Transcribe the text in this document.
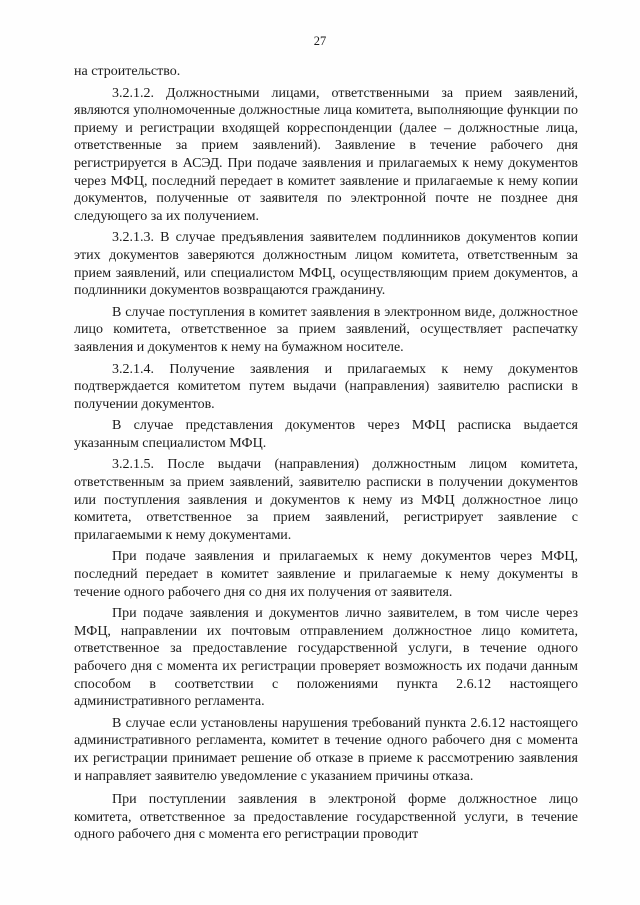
27

на строительство.

3.2.1.2. Должностными лицами, ответственными за прием заявлений, являются уполномоченные должностные лица комитета, выполняющие функции по приему и регистрации входящей корреспонденции (далее – должностные лица, ответственные за прием заявлений). Заявление в течение рабочего дня регистрируется в АСЭД. При подаче заявления и прилагаемых к нему документов через МФЦ, последний передает в комитет заявление и прилагаемые к нему копии документов, полученные от заявителя по электронной почте не позднее дня следующего за их получением.

3.2.1.3. В случае предъявления заявителем подлинников документов копии этих документов заверяются должностным лицом комитета, ответственным за прием заявлений, или специалистом МФЦ, осуществляющим прием документов, а подлинники документов возвращаются гражданину.

В случае поступления в комитет заявления в электронном виде, должностное лицо комитета, ответственное за прием заявлений, осуществляет распечатку заявления и документов к нему на бумажном носителе.

3.2.1.4. Получение заявления и прилагаемых к нему документов подтверждается комитетом путем выдачи (направления) заявителю расписки в получении документов.

В случае представления документов через МФЦ расписка выдается указанным специалистом МФЦ.

3.2.1.5. После выдачи (направления) должностным лицом комитета, ответственным за прием заявлений, заявителю расписки в получении документов или поступления заявления и документов к нему из МФЦ должностное лицо комитета, ответственное за прием заявлений, регистрирует заявление с прилагаемыми к нему документами.

При подаче заявления и прилагаемых к нему документов через МФЦ, последний передает в комитет заявление и прилагаемые к нему документы в течение одного рабочего дня со дня их получения от заявителя.

При подаче заявления и документов лично заявителем, в том числе через МФЦ, направлении их почтовым отправлением должностное лицо комитета, ответственное за предоставление государственной услуги, в течение одного рабочего дня с момента их регистрации проверяет возможность их подачи данным способом в соответствии с положениями пункта 2.6.12 настоящего административного регламента.

В случае если установлены нарушения требований пункта 2.6.12 настоящего административного регламента, комитет в течение одного рабочего дня с момента их регистрации принимает решение об отказе в приеме к рассмотрению заявления и направляет заявителю уведомление с указанием причины отказа.

При поступлении заявления в электроной форме должностное лицо комитета, ответственное за предоставление государственной услуги, в течение одного рабочего дня с момента его регистрации проводит
